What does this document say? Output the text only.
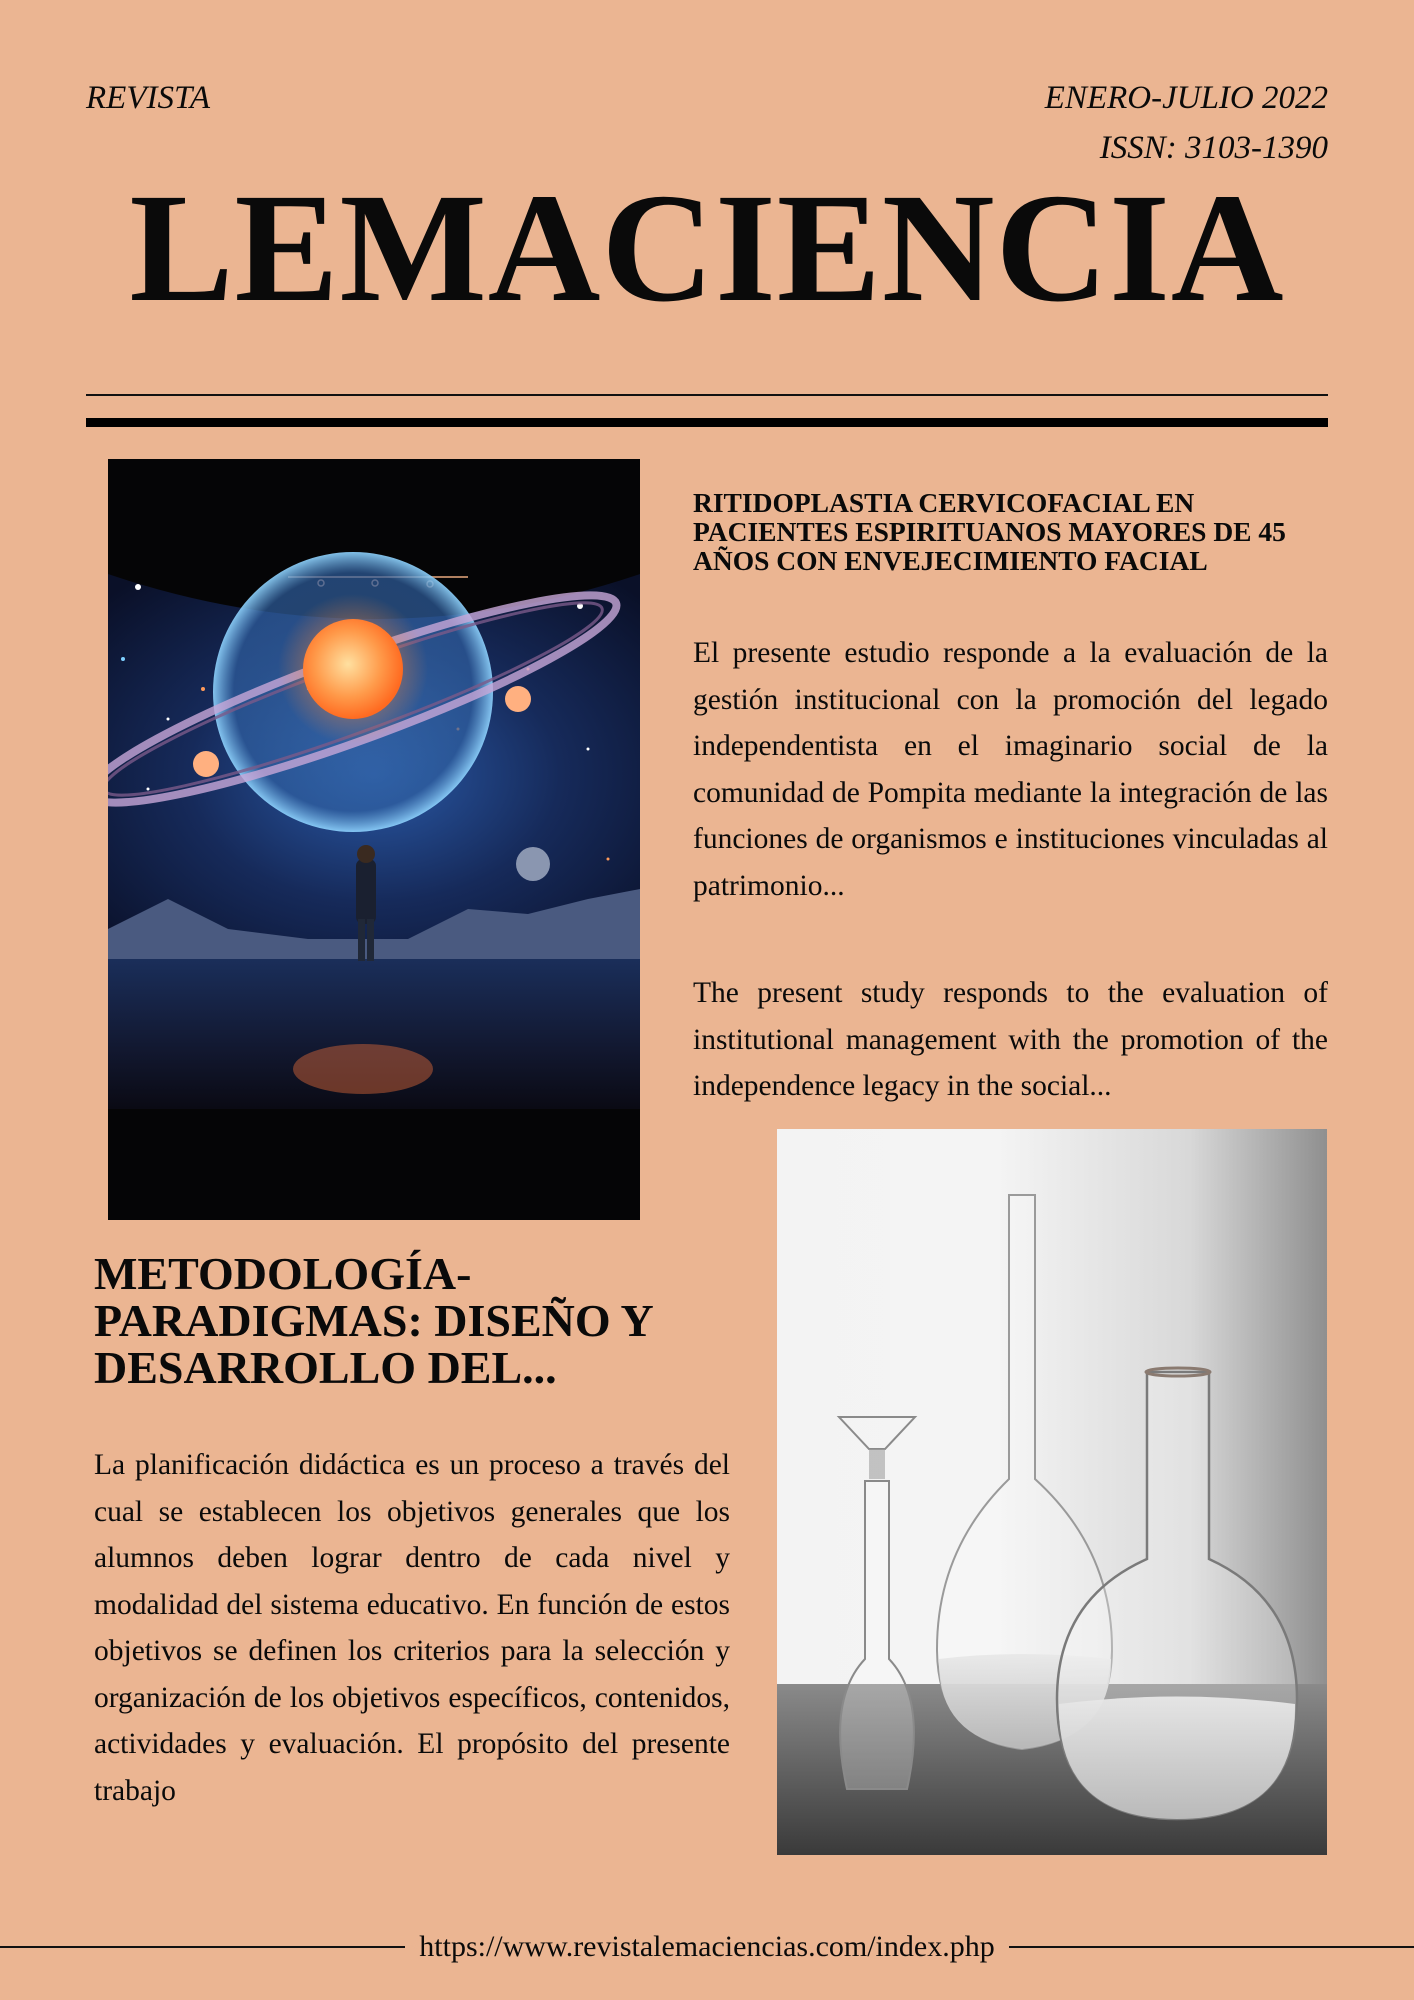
REVISTA	ENERO-JULIO 2022
ISSN: 3103-1390
LEMACIENCIA
RITIDOPLASTIA CERVICOFACIAL EN PACIENTES ESPIRITUANOS MAYORES DE 45 AÑOS CON ENVEJECIMIENTO FACIAL
El presente estudio responde a la evaluación de la gestión institucional con la promoción del legado independentista en el imaginario social de la comunidad de Pompita mediante la integración de las funciones de organismos e instituciones vinculadas al patrimonio...
The present study responds to the evaluation of institutional management with the promotion of the independence legacy in the social...
METODOLOGÍA-PARADIGMAS: DISEÑO Y DESARROLLO DEL...
La planificación didáctica es un proceso a través del cual se establecen los objetivos generales que los alumnos deben lograr dentro de cada nivel y modalidad del sistema educativo. En función de estos objetivos se definen los criterios para la selección y organización de los objetivos específicos, contenidos, actividades y evaluación. El propósito del presente trabajo
https://www.revistalemaciencias.com/index.php
